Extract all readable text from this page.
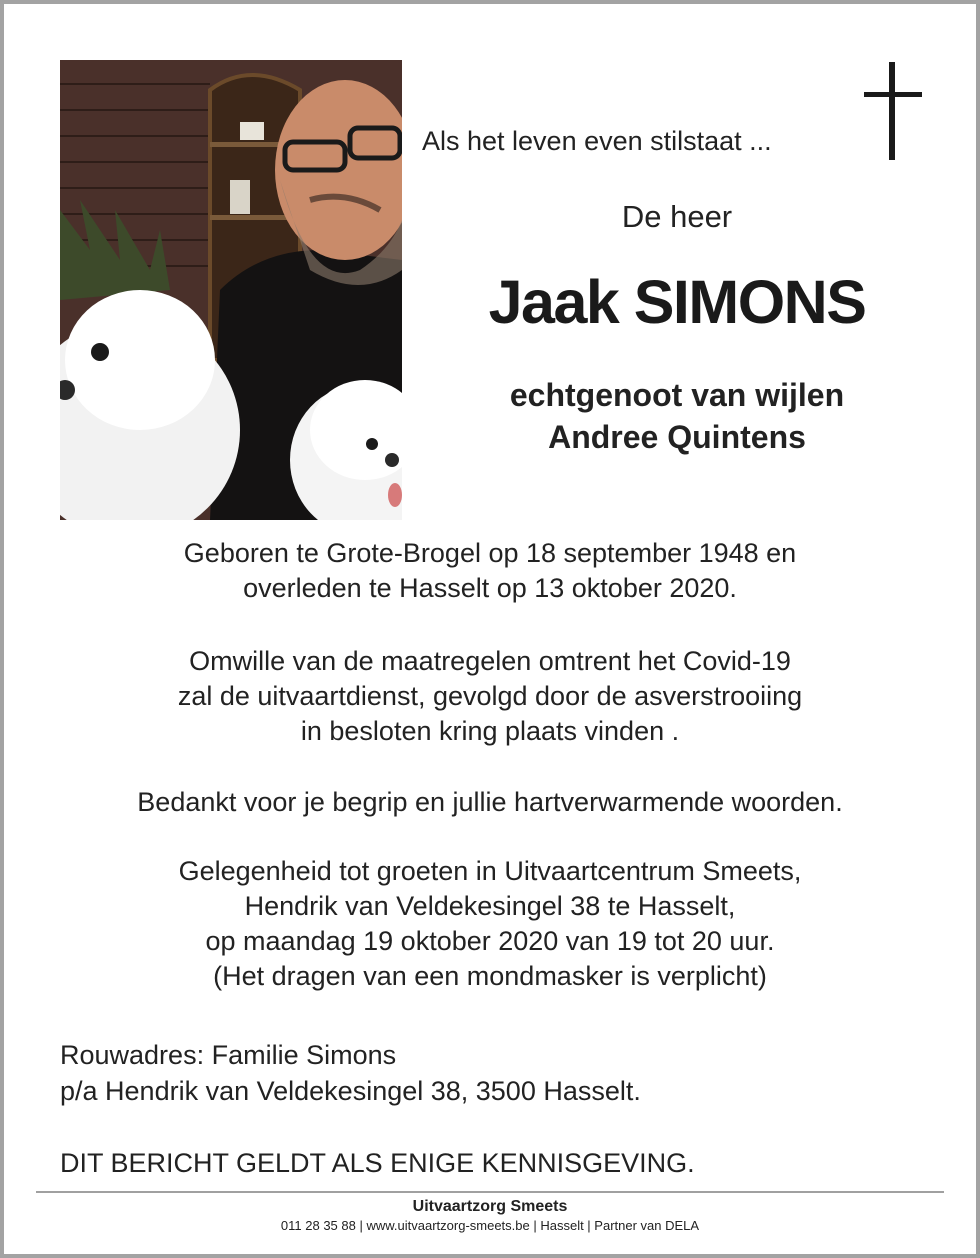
Als het leven even stilstaat ...
De heer
Jaak SIMONS
echtgenoot van wijlen
Andree Quintens
Geboren te Grote-Brogel op 18 september 1948 en
overleden te Hasselt op 13 oktober 2020.
Omwille van de maatregelen omtrent het Covid-19
zal de uitvaartdienst, gevolgd door de asverstrooiing
in besloten kring plaats vinden .
Bedankt voor je begrip en jullie hartverwarmende woorden.
Gelegenheid tot groeten in Uitvaartcentrum Smeets,
Hendrik van Veldekesingel 38 te Hasselt,
op maandag 19 oktober 2020 van 19 tot 20 uur.
(Het dragen van een mondmasker is verplicht)
Rouwadres: Familie Simons
p/a Hendrik van Veldekesingel 38, 3500 Hasselt.
DIT BERICHT GELDT ALS ENIGE KENNISGEVING.
Uitvaartzorg Smeets
011 28 35 88 | www.uitvaartzorg-smeets.be | Hasselt | Partner van DELA
